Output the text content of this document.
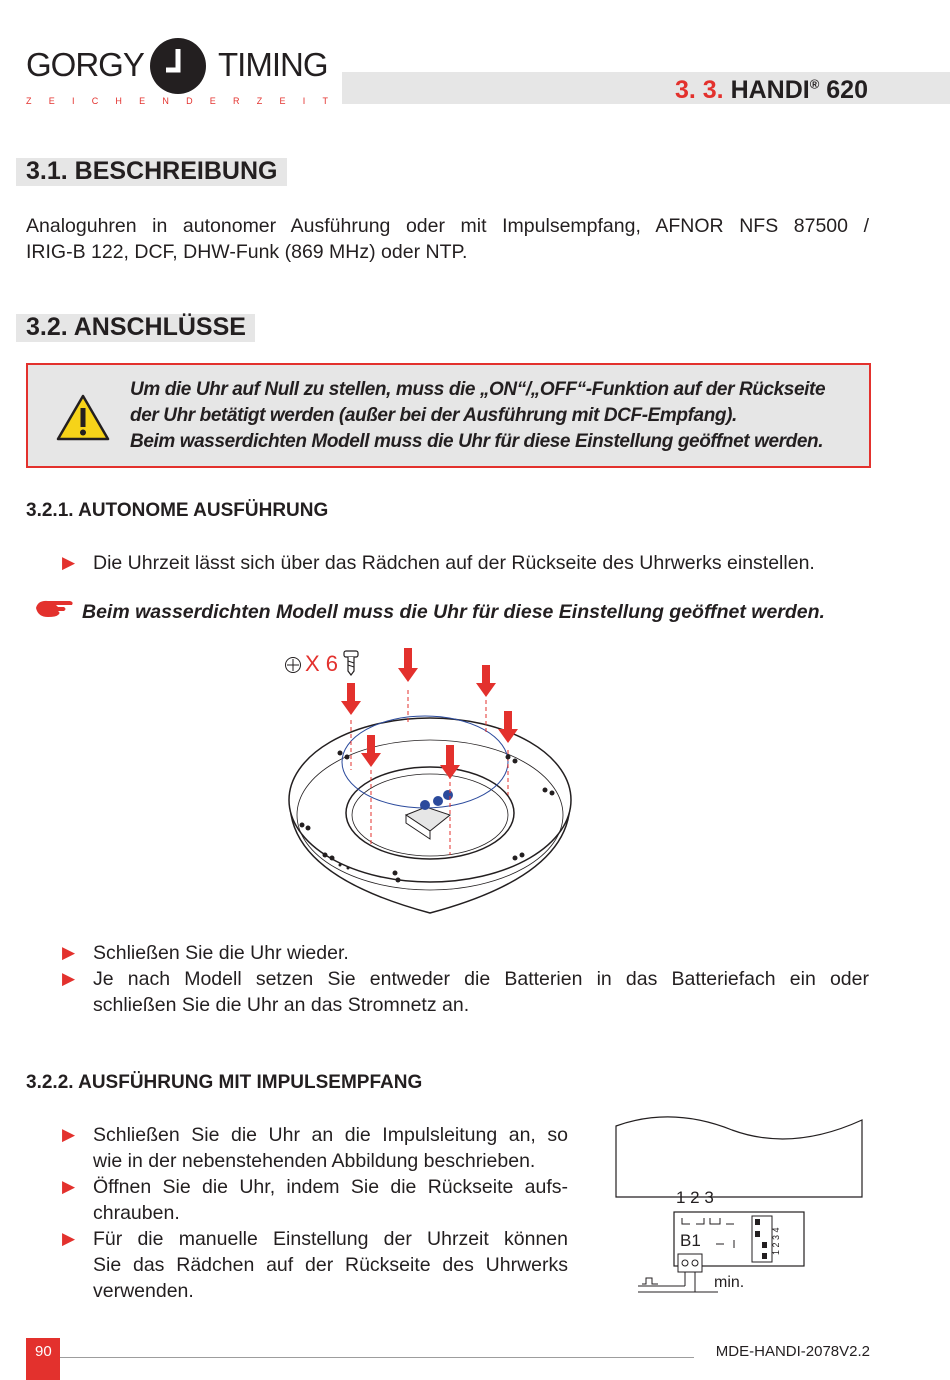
GORGY TIMING
Z E I C H E N D E R Z E I T	3. 3. HANDI® 620
3.1. BESCHREIBUNG
Analoguhren in autonomer Ausführung oder mit Impulsempfang, AFNOR NFS 87500 /
IRIG-B 122, DCF, DHW-Funk (869 MHz) oder NTP.
3.2. ANSCHLÜSSE
Um die Uhr auf Null zu stellen, muss die „ON“/„OFF“-Funktion auf der Rückseite
der Uhr betätigt werden (außer bei der Ausführung mit DCF-Empfang).
Beim wasserdichten Modell muss die Uhr für diese Einstellung geöffnet werden.
3.2.1. AUTONOME AUSFÜHRUNG
▶ Die Uhrzeit lässt sich über das Rädchen auf der Rückseite des Uhrwerks einstellen.
Beim wasserdichten Modell muss die Uhr für diese Einstellung geöffnet werden.
X 6
▶ Schließen Sie die Uhr wieder.
▶ Je nach Modell setzen Sie entweder die Batterien in das Batteriefach ein oder
schließen Sie die Uhr an das Stromnetz an.
3.2.2. AUSFÜHRUNG MIT IMPULSEMPFANG
▶ Schließen Sie die Uhr an die Impulsleitung an, so
wie in der nebenstehenden Abbildung beschrieben.
▶ Öffnen Sie die Uhr, indem Sie die Rückseite aufs-
chrauben.
▶ Für die manuelle Einstellung der Uhrzeit können
Sie das Rädchen auf der Rückseite des Uhrwerks
verwenden.
1 2 3
B1	1 2 3 4
min.
90	MDE-HANDI-2078V2.2
